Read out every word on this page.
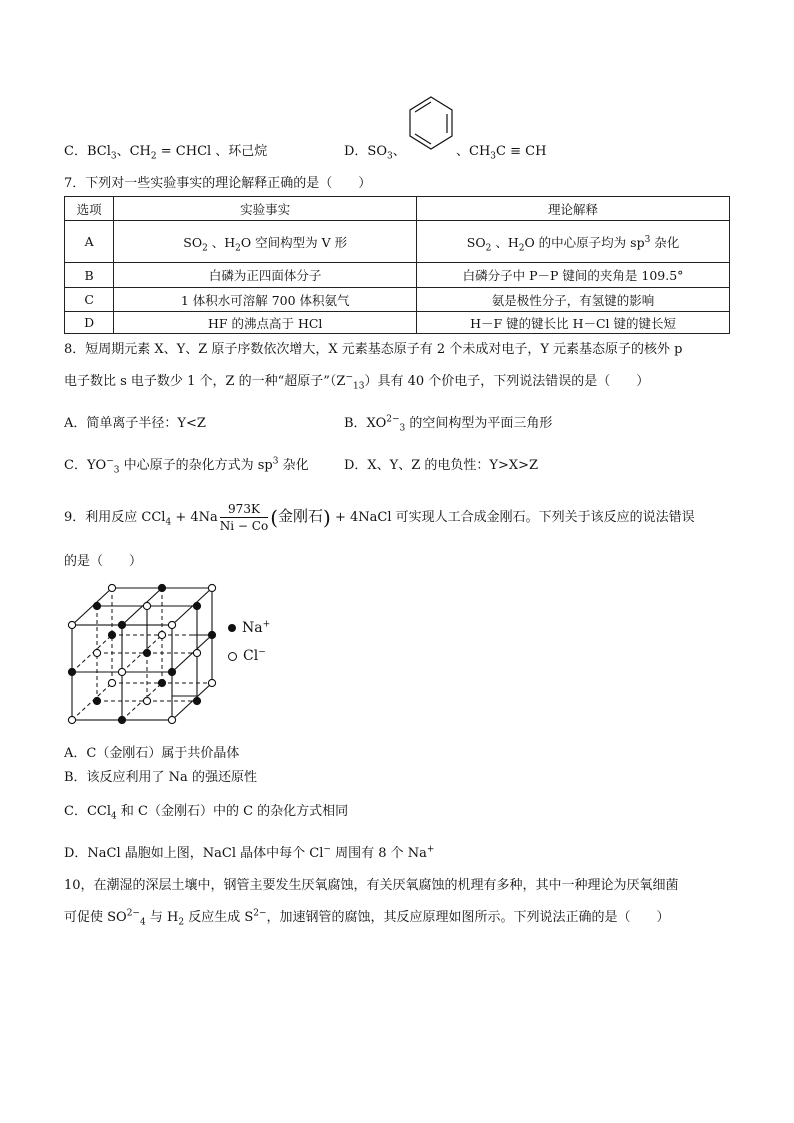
C．BCl$_3$、$CH_2$ = CHCl 、环己烷	D．$SO_3$、	、$CH_3C$ ≡ CH
7．下列对一些实验事实的理论解释正确的是（　　）
选项	实验事实	理论解释
A	$SO_2$ 、$H_2O$ 空间构型为 V 形	$SO_2$ 、$H_2O$ 的中心原子均为 $sp^3$ 杂化
B	白磷为正四面体分子	白磷分子中 P－P 键间的夹角是 109.5°
C	1 体积水可溶解 700 体积氨气	氨是极性分子，有氢键的影响
D	HF 的沸点高于 HCl	H－F 键的键长比 H－Cl 键的键长短
8．短周期元素 X、Y、Z 原子序数依次增大，X 元素基态原子有 2 个未成对电子，Y 元素基态原子的核外 p
电子数比 s 电子数少 1 个，Z 的一种“超原子$”(Z^-_{13})$具有 40 个价电子，下列说法错误的是（　　）
A．简单离子半径：Y<Z	B．$XO^{2-}_3$ 的空间构型为平面三角形
C．$YO^-_3$ 中心原子的杂化方式为 $sp^3$ 杂化	D．X、Y、Z 的电负性：Y>X>Z
9．利用反应 $CCl_4 + 4Na \frac{973K}{Ni - Co}$ (金刚石) + 4NaCl 可实现人工合成金刚石。下列关于该反应的说法错误
的是（　　）
Na+
Cl−
A．C（金刚石）属于共价晶体
B．该反应利用了 Na 的强还原性
C．CCl$_4$ 和 C（金刚石）中的 C 的杂化方式相同
D．NaCl 晶胞如上图，NaCl 晶体中每个 Cl− 周围有 8 个 Na+
10，在潮湿的深层土壤中，钢管主要发生厌氧腐蚀，有关厌氧腐蚀的机理有多种，其中一种理论为厌氧细菌
可促使 $SO^{2-}_4$ 与 $H_2$ 反应生成 $S^{2-}$，加速钢管的腐蚀，其反应原理如图所示。下列说法正确的是（　　）
